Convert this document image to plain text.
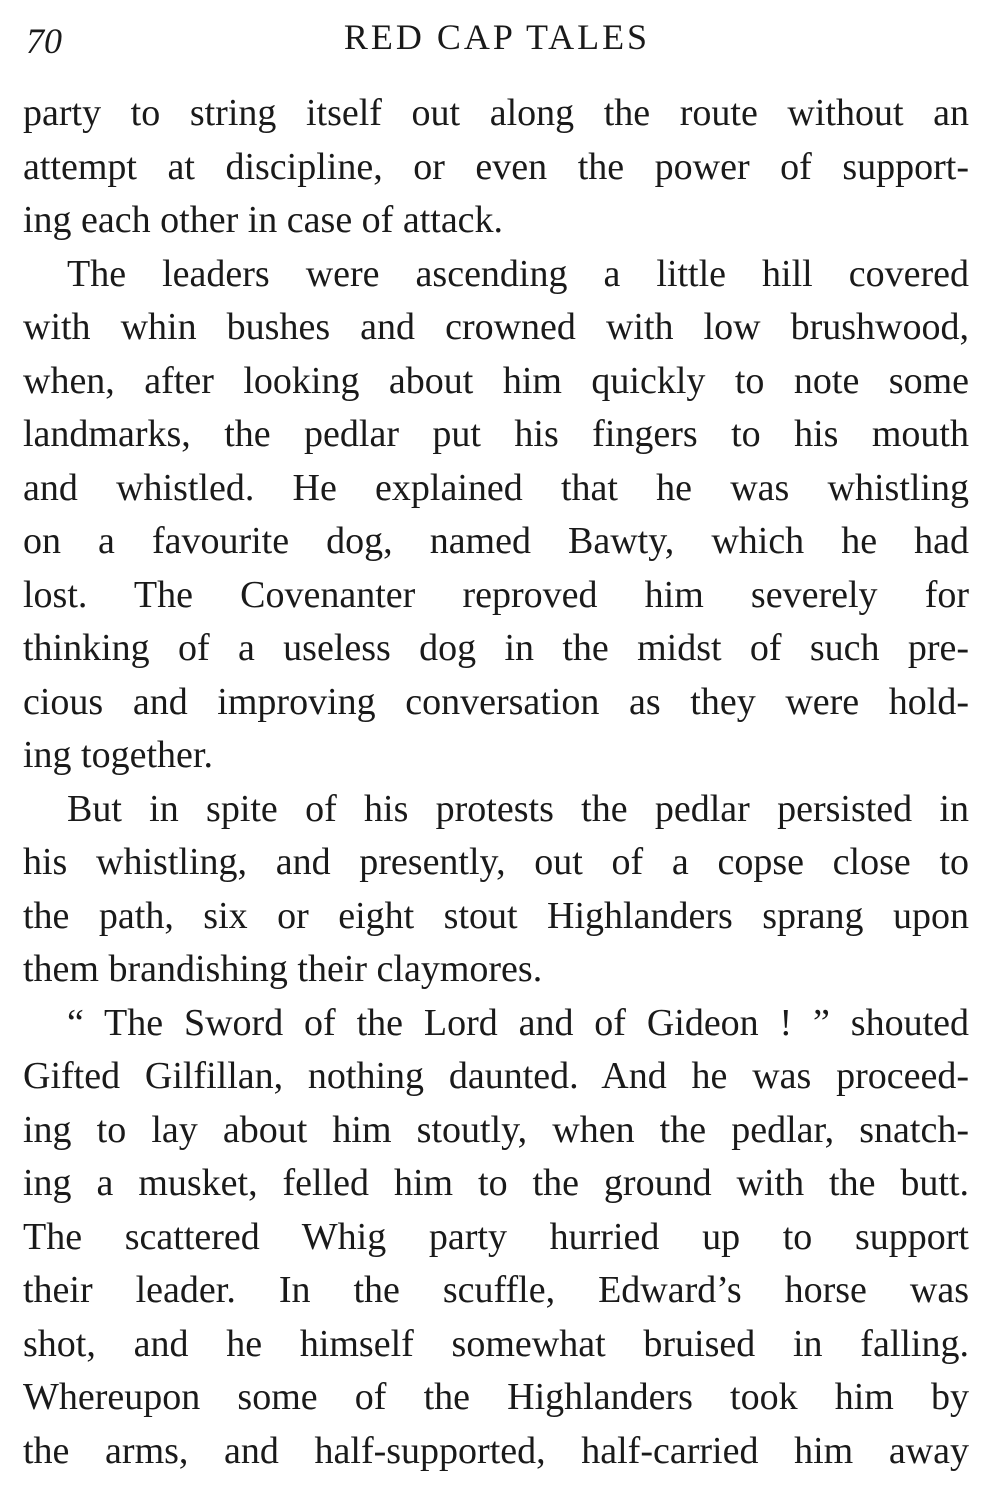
70	RED CAP TALES

party to string itself out along the route without an
attempt at discipline, or even the power of support-
ing each other in case of attack.

The leaders were ascending a little hill covered
with whin bushes and crowned with low brushwood,
when, after looking about him quickly to note some
landmarks, the pedlar put his fingers to his mouth
and whistled. He explained that he was whistling
on a favourite dog, named Bawty, which he had
lost. The Covenanter reproved him severely for
thinking of a useless dog in the midst of such pre-
cious and improving conversation as they were hold-
ing together.

But in spite of his protests the pedlar persisted in
his whistling, and presently, out of a copse close to
the path, six or eight stout Highlanders sprang upon
them brandishing their claymores.

“ The Sword of the Lord and of Gideon ! ” shouted
Gifted Gilfillan, nothing daunted. And he was proceed-
ing to lay about him stoutly, when the pedlar, snatch-
ing a musket, felled him to the ground with the butt.
The scattered Whig party hurried up to support
their leader. In the scuffle, Edward’s horse was
shot, and he himself somewhat bruised in falling.
Whereupon some of the Highlanders took him by
the arms, and half-supported, half-carried him away
